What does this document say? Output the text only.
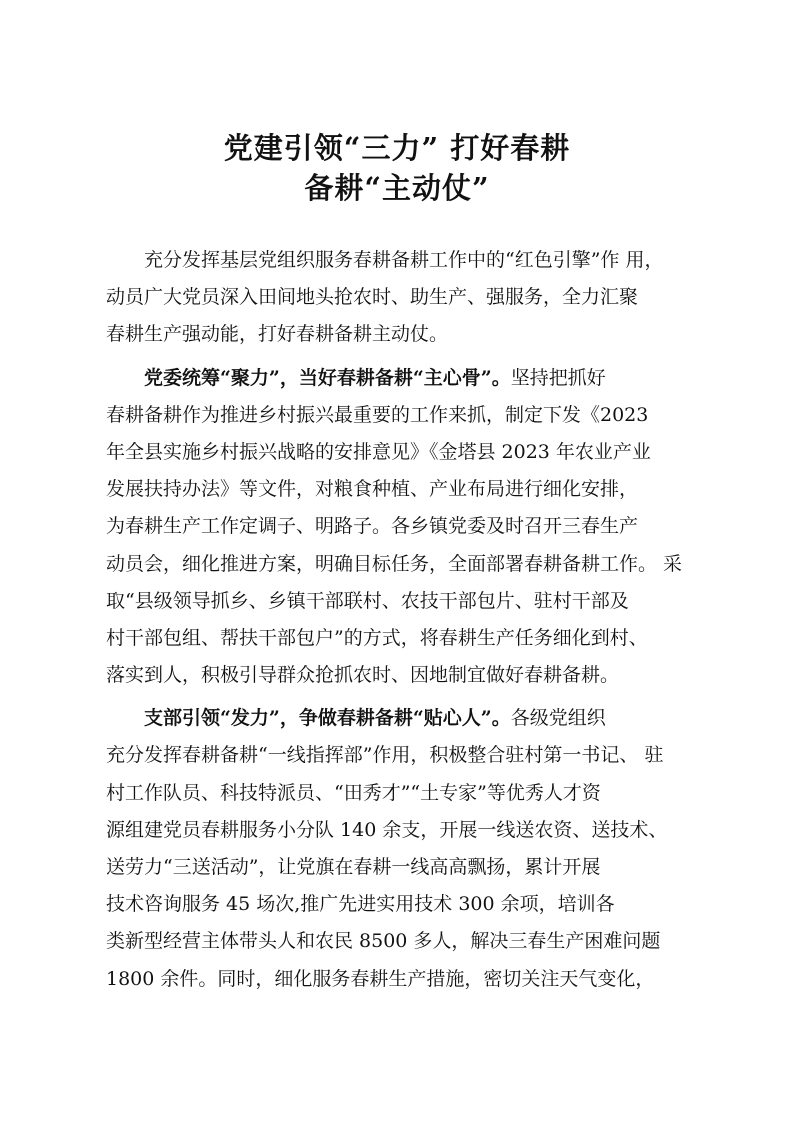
党建引领“三力” 打好春耕
备耕“主动仗”
充分发挥基层党组织服务春耕备耕工作中的“红色引擎”作 用，
动员广大党员深入田间地头抢农时、助生产、强服务，全力汇聚
春耕生产强动能，打好春耕备耕主动仗。
党委统筹“聚力”，当好春耕备耕“主心骨”。坚持把抓好
春耕备耕作为推进乡村振兴最重要的工作来抓，制定下发《2023
年全县实施乡村振兴战略的安排意见》《金塔县 2023 年农业产业
发展扶持办法》等文件，对粮食种植、产业布局进行细化安排，
为春耕生产工作定调子、明路子。各乡镇党委及时召开三春生产
动员会，细化推进方案，明确目标任务，全面部署春耕备耕工作。 采
取“县级领导抓乡、乡镇干部联村、农技干部包片、驻村干部及
村干部包组、帮扶干部包户”的方式，将春耕生产任务细化到村、
落实到人，积极引导群众抢抓农时、因地制宜做好春耕备耕。
支部引领“发力”，争做春耕备耕“贴心人”。各级党组织
充分发挥春耕备耕“一线指挥部”作用，积极整合驻村第一书记、 驻
村工作队员、科技特派员、“田秀才”“土专家”等优秀人才资
源组建党员春耕服务小分队 140 余支，开展一线送农资、送技术、
送劳力“三送活动”，让党旗在春耕一线高高飘扬，累计开展
技术咨询服务 45 场次,推广先进实用技术 300 余项，培训各
类新型经营主体带头人和农民 8500 多人，解决三春生产困难问题
1800 余件。同时，细化服务春耕生产措施，密切关注天气变化，
